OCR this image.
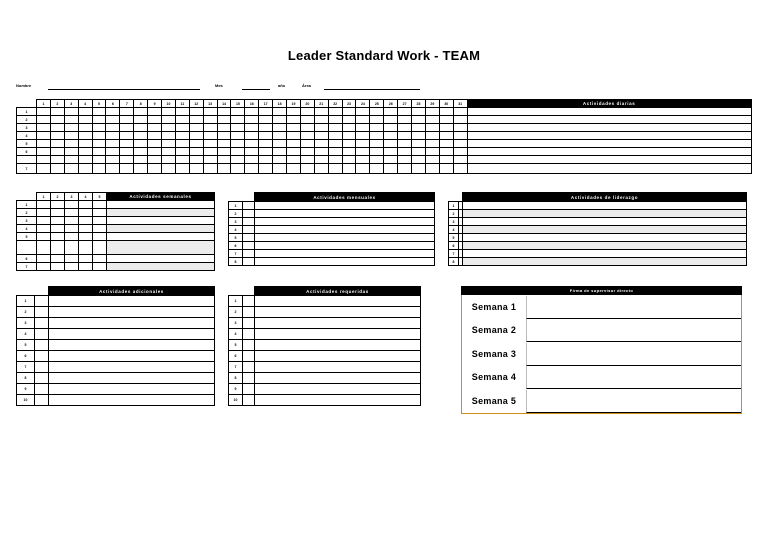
Leader Standard Work - TEAM
Nombre	Mes	año	Área
	1	2	3	4	5	6	7	8	9	10	11	12	13	14	15	16	17	18	19	20	21	22	23	24	25	26	27	28	29	30	31	Actividades diarias
1																																
2																																
3																																
4																																
5																																
6																																

7																																
	1	2	3	4	5	Actividades semanales
1						
2						
3						
4						
5						

6						
7						
		Actividades mensuales
1		
2		
3		
4		
5		
6		
7		
8		
		Actividades de liderazgo
1		
2		
3		
4		
5		
6		
7		
8		
		Actividades adicionales
1		
2		
3		
4		
5		
6		
7		
8		
9		
10		
		Actividades requeridas
1		
2		
3		
4		
5		
6		
7		
8		
9		
10		
Firma de supervisor directo
Semana 1
Semana 2
Semana 3
Semana 4
Semana 5
